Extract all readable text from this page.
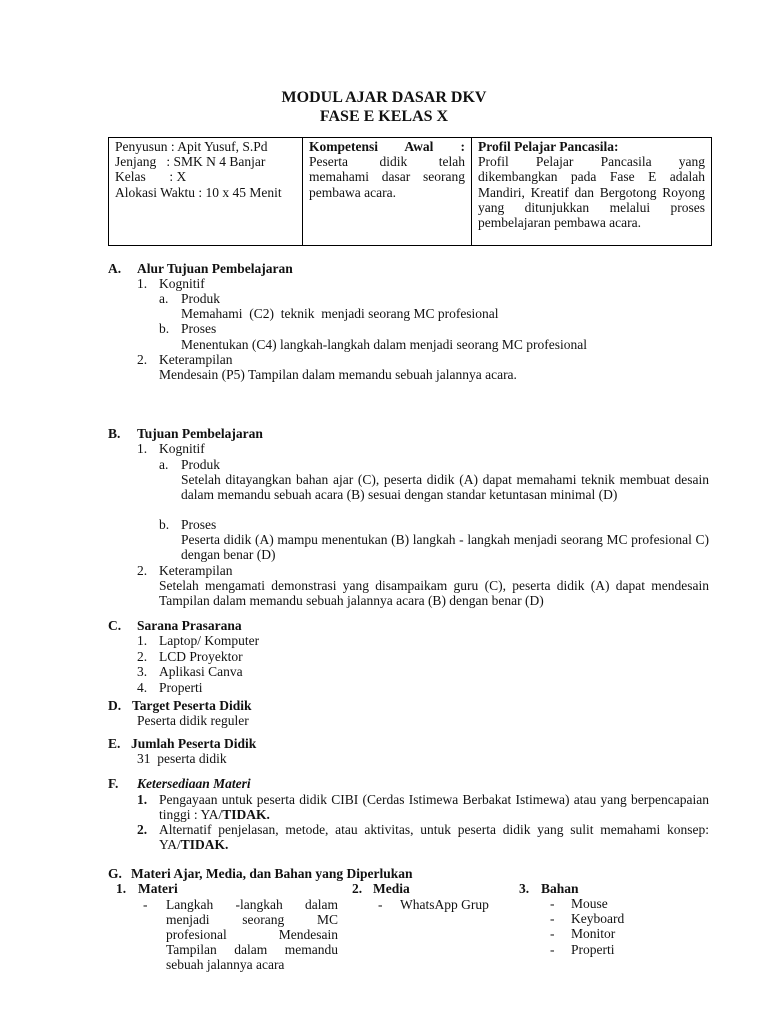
MODUL AJAR DASAR DKV
FASE E KELAS X
Penyusun : Apit Yusuf, S.Pd
Jenjang   : SMK N 4 Banjar
Kelas       : X
Alokasi Waktu : 10 x 45 Menit

Kompetensi Awal :
Peserta didik telah memahami dasar seorang pembawa acara.

Profil Pelajar Pancasila:
Profil Pelajar Pancasila yang dikembangkan pada Fase E adalah Mandiri, Kreatif dan Bergotong Royong yang ditunjukkan melalui proses pembelajaran pembawa acara.
A. Alur Tujuan Pembelajaran
1. Kognitif
a. Produk
Memahami  (C2)  teknik  menjadi seorang MC profesional
b. Proses
Menentukan (C4) langkah-langkah dalam menjadi seorang MC profesional
2. Keterampilan
Mendesain (P5) Tampilan dalam memandu sebuah jalannya acara.
B. Tujuan Pembelajaran
1. Kognitif
a. Produk
Setelah ditayangkan bahan ajar (C), peserta didik (A) dapat memahami teknik membuat desain dalam memandu sebuah acara (B) sesuai dengan standar ketuntasan minimal (D)
b. Proses
Peserta didik (A) mampu menentukan (B) langkah - langkah menjadi seorang MC profesional C) dengan benar (D)
2. Keterampilan
Setelah mengamati demonstrasi yang disampaikam guru (C), peserta didik (A) dapat mendesain Tampilan dalam memandu sebuah jalannya acara (B) dengan benar (D)
C. Sarana Prasarana
1. Laptop/ Komputer
2. LCD Proyektor
3. Aplikasi Canva
4. Properti
D. Target Peserta Didik
Peserta didik reguler
E. Jumlah Peserta Didik
31  peserta didik
F. Ketersediaan Materi
1. Pengayaan untuk peserta didik CIBI (Cerdas Istimewa Berbakat Istimewa) atau yang berpencapaian tinggi : YA/TIDAK.
2. Alternatif penjelasan, metode, atau aktivitas, untuk peserta didik yang sulit memahami konsep: YA/TIDAK.
G. Materi Ajar, Media, dan Bahan yang Diperlukan
1. Materi
- Langkah -langkah dalam menjadi seorang MC profesional Mendesain Tampilan dalam memandu sebuah jalannya acara
2. Media
- WhatsApp Grup
3. Bahan
- Mouse
- Keyboard
- Monitor
- Properti
